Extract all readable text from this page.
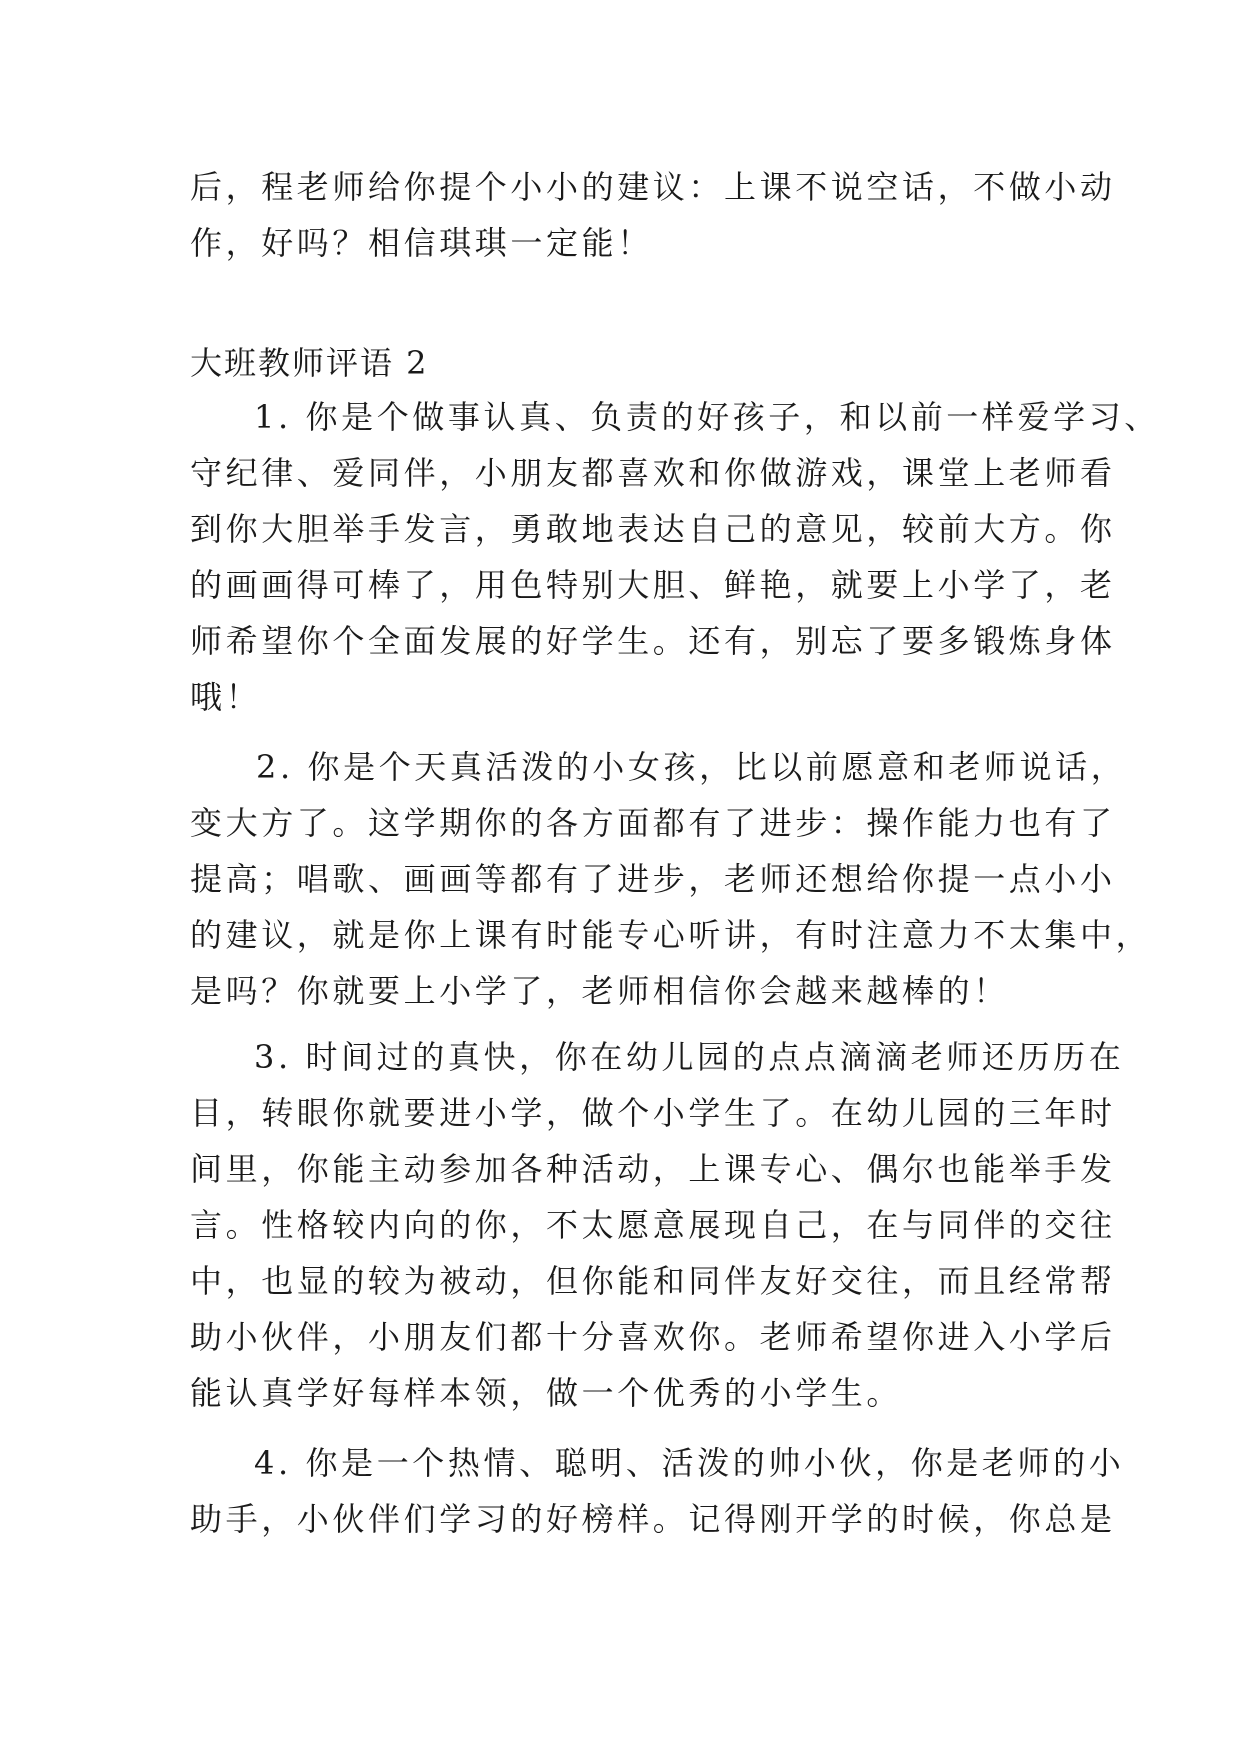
后，程老师给你提个小小的建议：上课不说空话，不做小动
作，好吗？相信琪琪一定能！
大班教师评语 2
1. 你是个做事认真、负责的好孩子，和以前一样爱学习、
守纪律、爱同伴，小朋友都喜欢和你做游戏，课堂上老师看
到你大胆举手发言，勇敢地表达自己的意见，较前大方。你
的画画得可棒了，用色特别大胆、鲜艳，就要上小学了，老
师希望你个全面发展的好学生。还有，别忘了要多锻炼身体
哦！
2. 你是个天真活泼的小女孩，比以前愿意和老师说话，
变大方了。这学期你的各方面都有了进步：操作能力也有了
提高；唱歌、画画等都有了进步，老师还想给你提一点小小
的建议，就是你上课有时能专心听讲，有时注意力不太集中，
是吗？你就要上小学了，老师相信你会越来越棒的！
3. 时间过的真快，你在幼儿园的点点滴滴老师还历历在
目，转眼你就要进小学，做个小学生了。在幼儿园的三年时
间里，你能主动参加各种活动，上课专心、偶尔也能举手发
言。性格较内向的你，不太愿意展现自己，在与同伴的交往
中，也显的较为被动，但你能和同伴友好交往，而且经常帮
助小伙伴，小朋友们都十分喜欢你。老师希望你进入小学后
能认真学好每样本领，做一个优秀的小学生。
4. 你是一个热情、聪明、活泼的帅小伙，你是老师的小
助手，小伙伴们学习的好榜样。记得刚开学的时候，你总是
